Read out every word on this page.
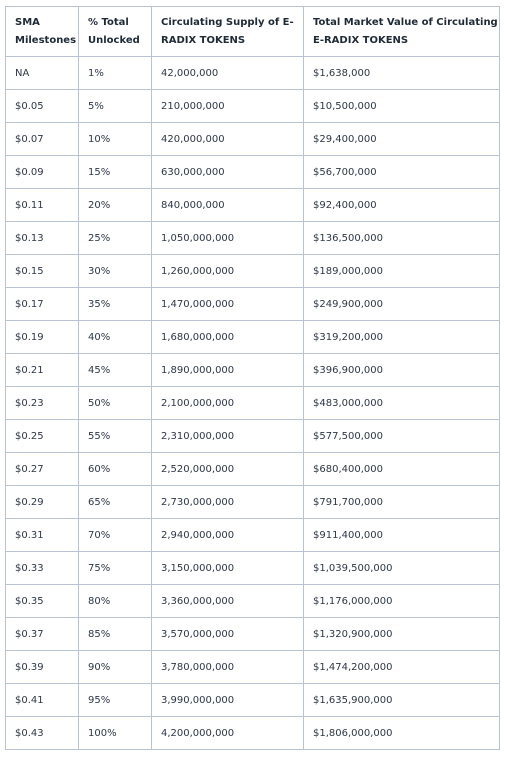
SMA Milestones	% Total Unlocked	Circulating Supply of E-RADIX TOKENS	Total Market Value of Circulating E-RADIX TOKENS
NA	1%	42,000,000	$1,638,000
$0.05	5%	210,000,000	$10,500,000
$0.07	10%	420,000,000	$29,400,000
$0.09	15%	630,000,000	$56,700,000
$0.11	20%	840,000,000	$92,400,000
$0.13	25%	1,050,000,000	$136,500,000
$0.15	30%	1,260,000,000	$189,000,000
$0.17	35%	1,470,000,000	$249,900,000
$0.19	40%	1,680,000,000	$319,200,000
$0.21	45%	1,890,000,000	$396,900,000
$0.23	50%	2,100,000,000	$483,000,000
$0.25	55%	2,310,000,000	$577,500,000
$0.27	60%	2,520,000,000	$680,400,000
$0.29	65%	2,730,000,000	$791,700,000
$0.31	70%	2,940,000,000	$911,400,000
$0.33	75%	3,150,000,000	$1,039,500,000
$0.35	80%	3,360,000,000	$1,176,000,000
$0.37	85%	3,570,000,000	$1,320,900,000
$0.39	90%	3,780,000,000	$1,474,200,000
$0.41	95%	3,990,000,000	$1,635,900,000
$0.43	100%	4,200,000,000	$1,806,000,000
